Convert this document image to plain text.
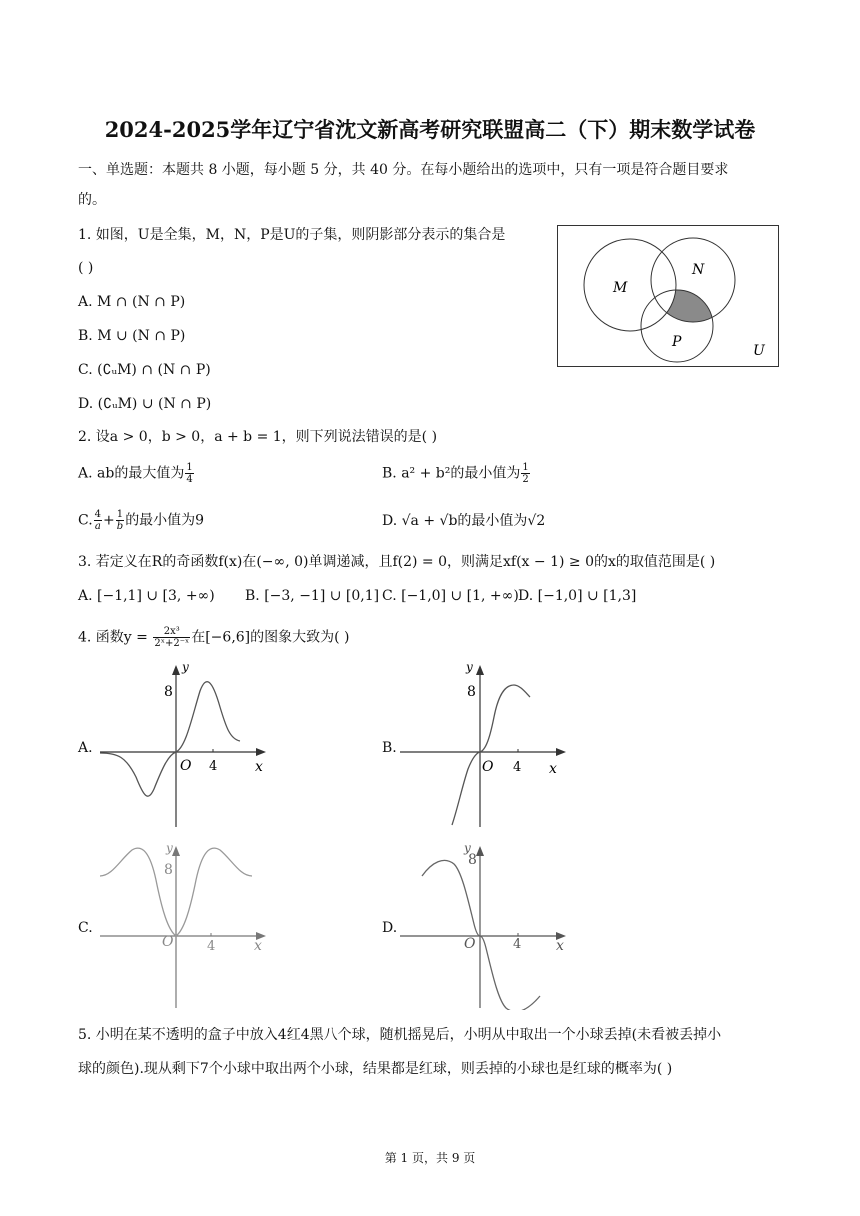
2024-2025学年辽宁省沈文新高考研究联盟高二（下）期末数学试卷
一、单选题：本题共 8 小题，每小题 5 分，共 40 分。在每小题给出的选项中，只有一项是符合题目要求
的。
1. 如图，U是全集，M，N，P是U的子集，则阴影部分表示的集合是
( )
A. M ∩ (N ∩ P)
B. M ∪ (N ∩ P)
C. (∁ᵤM) ∩ (N ∩ P)
D. (∁ᵤM) ∪ (N ∩ P)
M
N
P
U
2. 设a > 0，b > 0，a + b = 1，则下列说法错误的是( )
A. ab的最大值为 $\frac{1}{4}$	B. a² + b²的最小值为 $\frac{1}{2}$
C. $\frac{4}{a} + \frac{1}{b}$ 的最小值为9	D. √a + √b的最小值为√2
3. 若定义在R的奇函数f(x)在(−∞, 0)单调递减，且f(2) = 0，则满足xf(x − 1) ≥ 0的x的取值范围是( )
A. [−1,1] ∪ [3, +∞) B. [−3, −1] ∪ [0,1] C. [−1,0] ∪ [1, +∞) D. [−1,0] ∪ [1,3]
4. 函数$y = \frac{\text{2x³}}{\text{2ˣ+2⁻ˣ}}$ 在[−6,6]的图象大致为( )
A.	B.
C.	D.
8
y
O 4	x
8
y
O 4 x
8
y
O	4	x
8
y
O	4 x
5. 小明在某不透明的盒子中放入4红4黑八个球，随机摇晃后，小明从中取出一个小球丢掉(未看被丢掉小
球的颜色).现从剩下7个小球中取出两个小球，结果都是红球，则丢掉的小球也是红球的概率为( )
第 1 页，共 9 页
